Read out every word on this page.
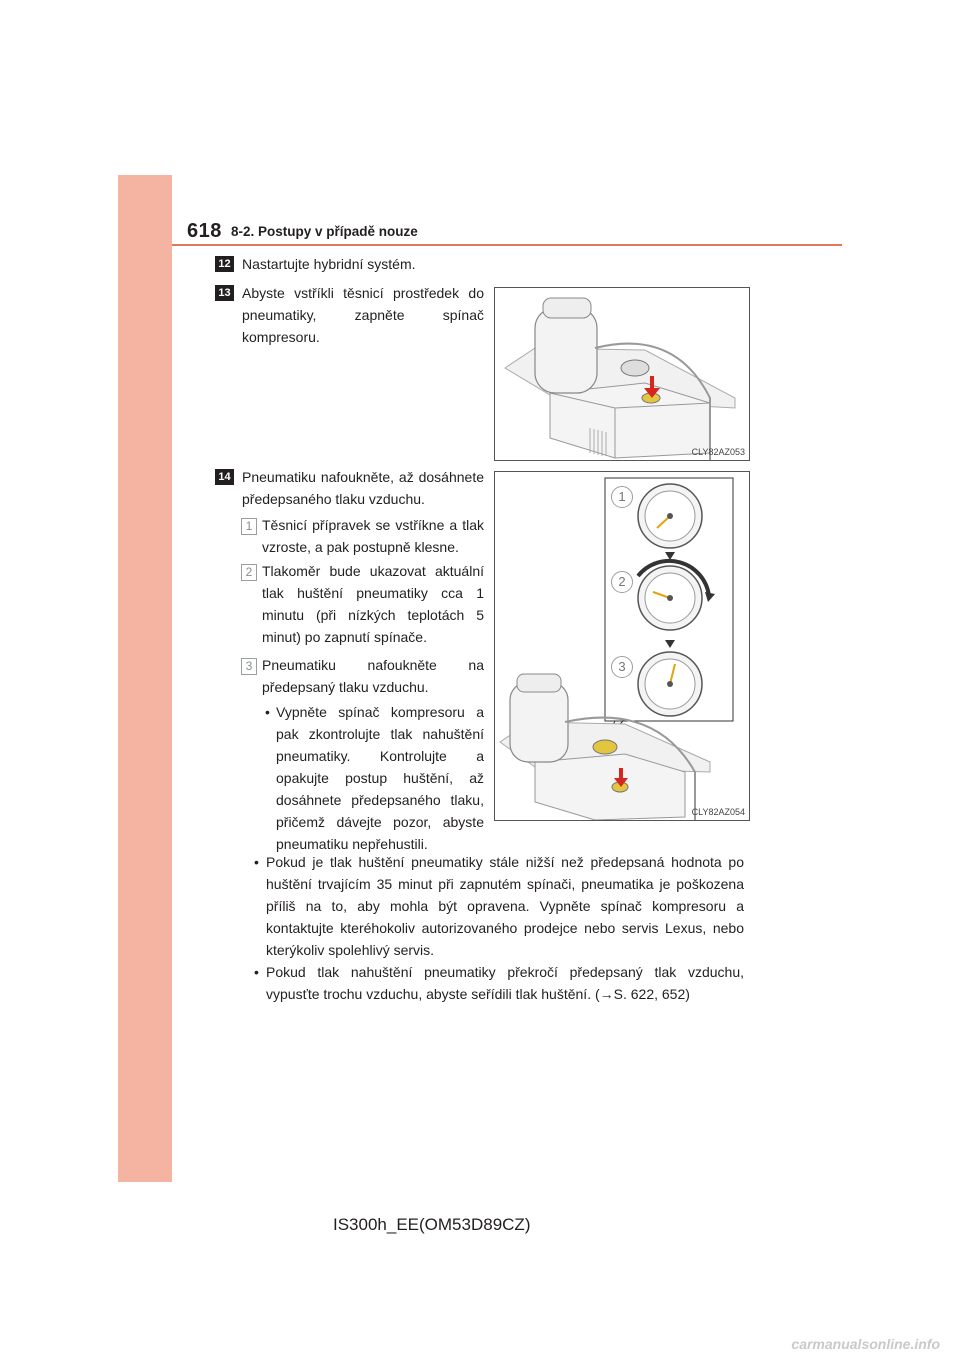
618 8-2. Postupy v případě nouze
12 Nastartujte hybridní systém.
13 Abyste vstříkli těsnicí prostředek do pneumatiky, zapněte spínač kompresoru.
CLY82AZ053
14 Pneumatiku nafoukněte, až dosáhnete předepsaného tlaku vzduchu.
1 Těsnicí přípravek se vstříkne a tlak vzroste, a pak postupně klesne.
2 Tlakoměr bude ukazovat aktuální tlak huštění pneumatiky cca 1 minutu (při nízkých teplotách 5 minut) po zapnutí spínače.
3 Pneumatiku nafoukněte na předepsaný tlaku vzduchu.
• Vypněte spínač kompresoru a pak zkontrolujte tlak nahuštění pneumatiky. Kontrolujte a opakujte postup huštění, až dosáhnete předepsaného tlaku, přičemž dávejte pozor, abyste pneumatiku nepřehustili.
• Pokud je tlak huštění pneumatiky stále nižší než předepsaná hodnota po huštění trvajícím 35 minut při zapnutém spínači, pneumatika je poškozena příliš na to, aby mohla být opravena. Vypněte spínač kompresoru a kontaktujte kteréhokoliv autorizovaného prodejce nebo servis Lexus, nebo kterýkoliv spolehlivý servis.
• Pokud tlak nahuštění pneumatiky překročí předepsaný tlak vzduchu, vypusťte trochu vzduchu, abyste seřídili tlak huštění. (→S. 622, 652)
1
2
3
CLY82AZ054
IS300h_EE(OM53D89CZ)
carmanualsonline.info
